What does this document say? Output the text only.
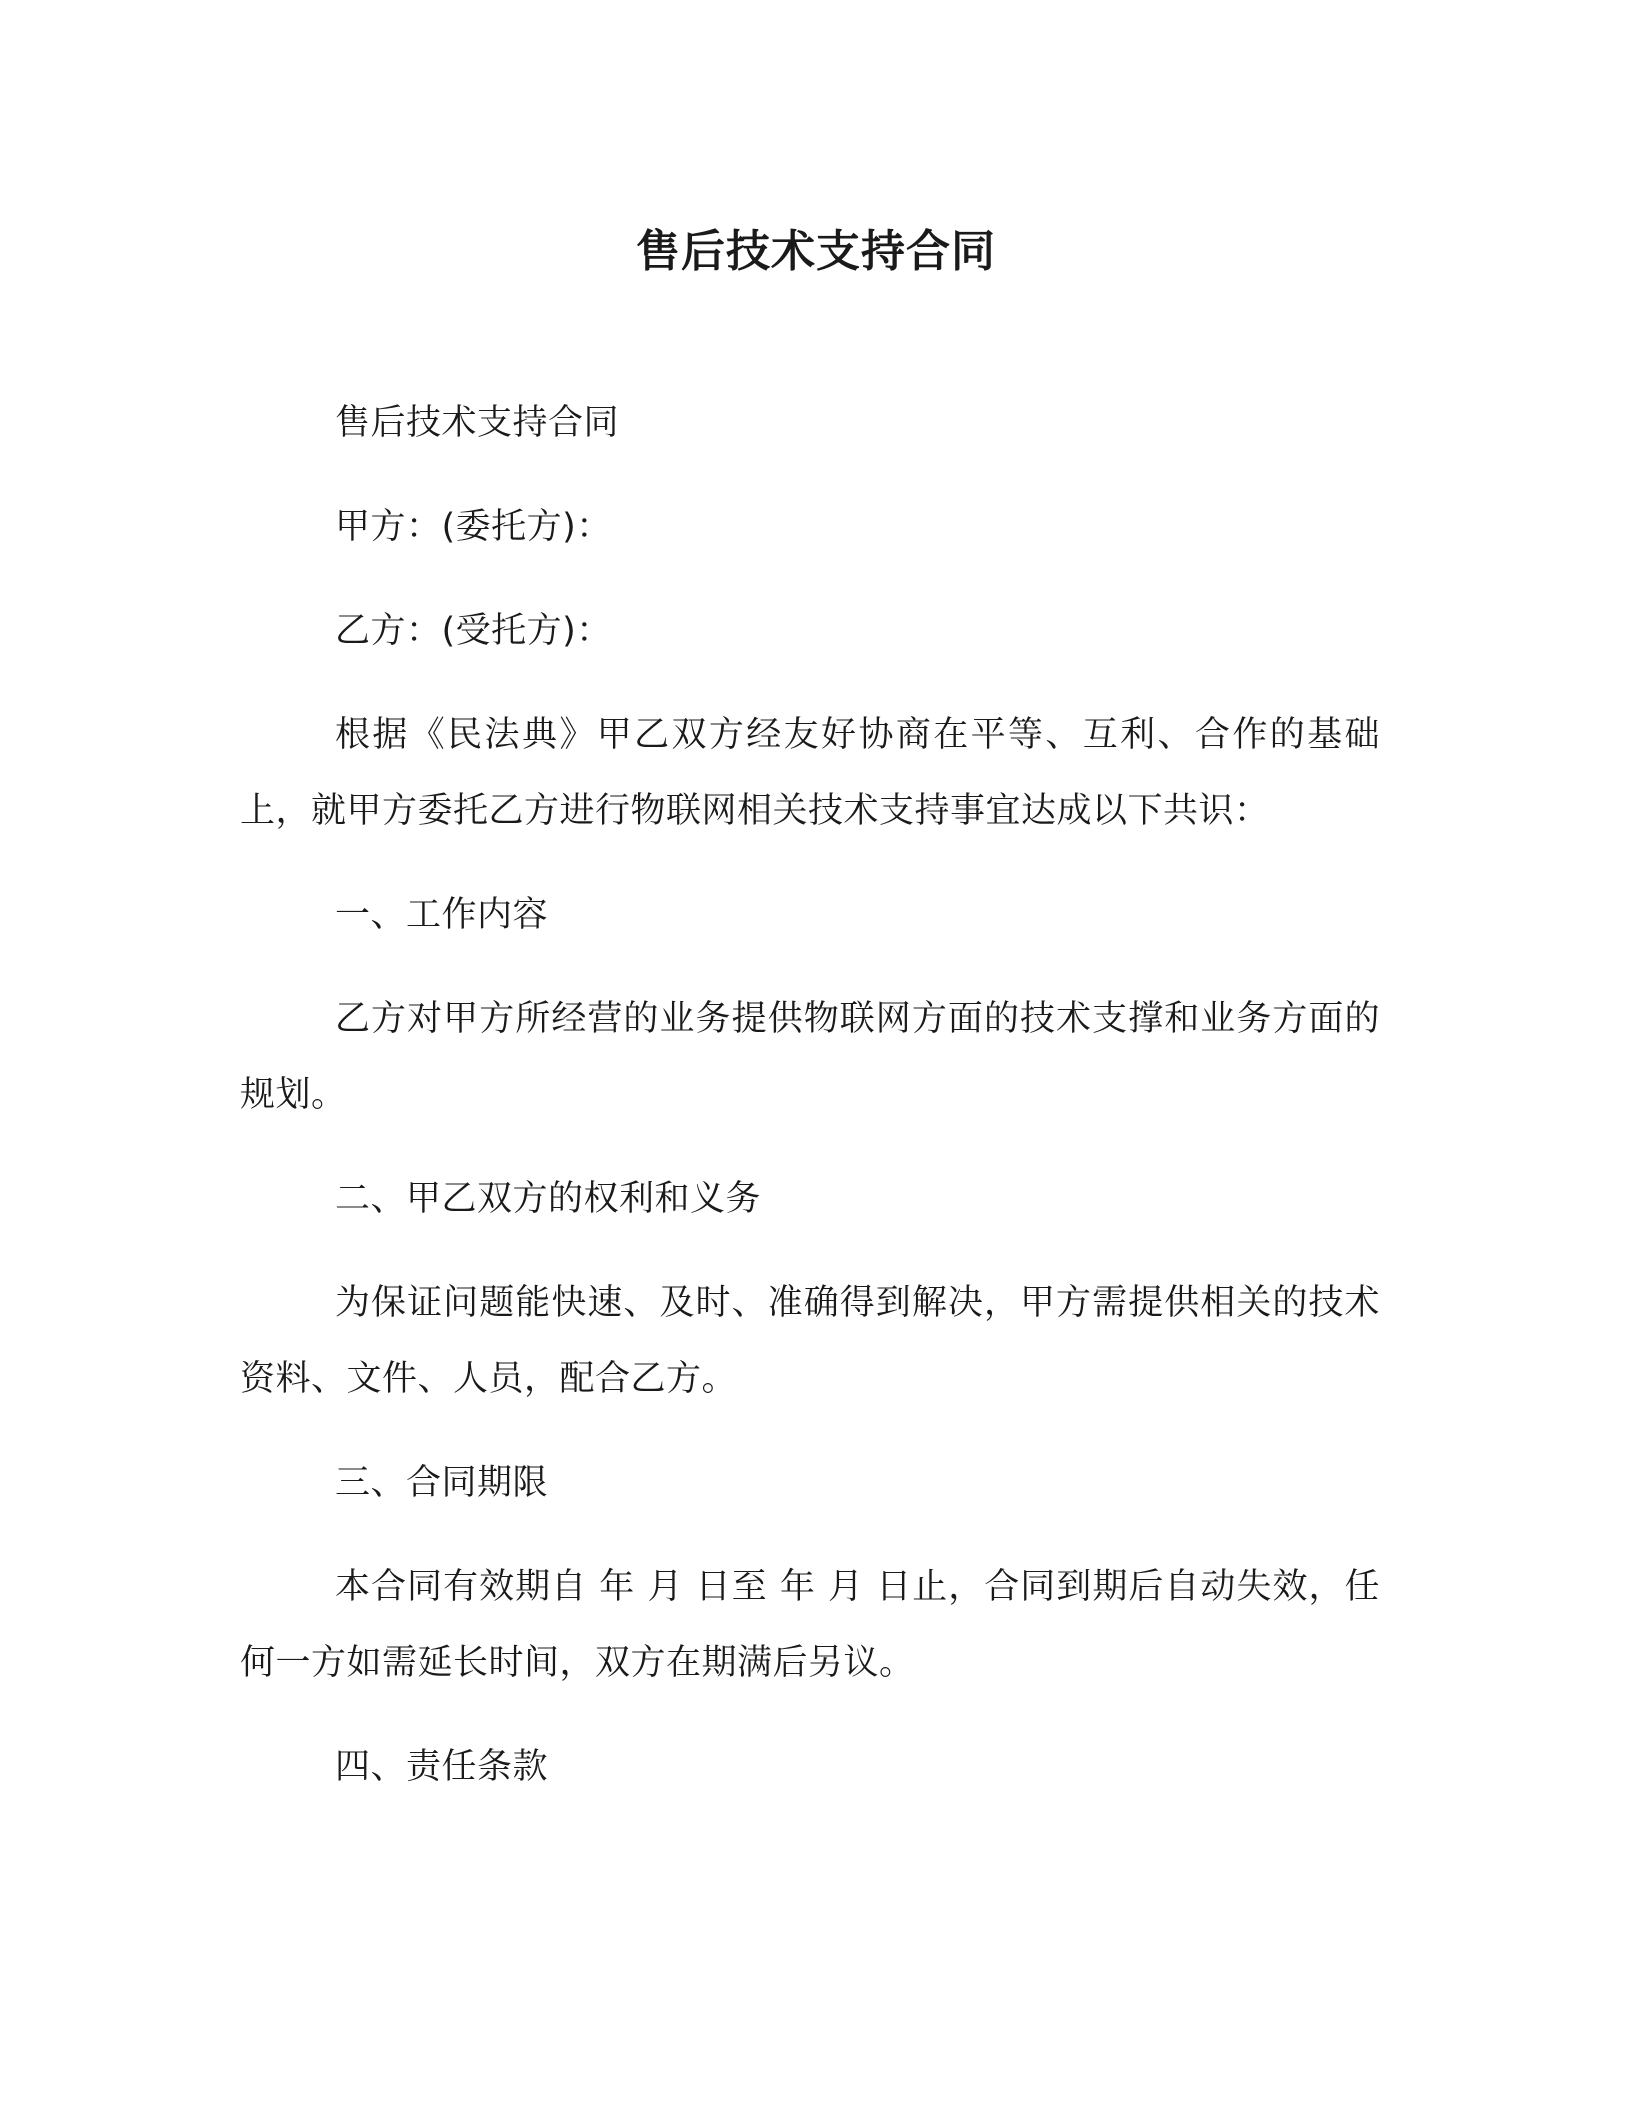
售后技术支持合同

售后技术支持合同

甲方：(委托方)：

乙方：(受托方)：

根据《民法典》甲乙双方经友好协商在平等、互利、合作的基础上，就甲方委托乙方进行物联网相关技术支持事宜达成以下共识：

一、工作内容

乙方对甲方所经营的业务提供物联网方面的技术支撑和业务方面的规划。

二、甲乙双方的权利和义务

为保证问题能快速、及时、准确得到解决，甲方需提供相关的技术资料、文件、人员，配合乙方。

三、合同期限

本合同有效期自 年 月 日至 年 月 日止，合同到期后自动失效，任何一方如需延长时间，双方在期满后另议。

四、责任条款
